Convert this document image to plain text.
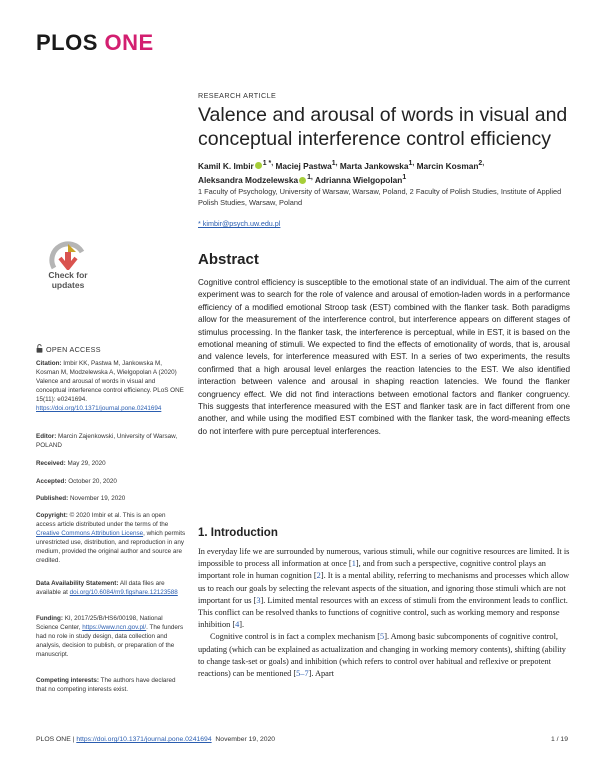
PLOS ONE
RESEARCH ARTICLE
Valence and arousal of words in visual and conceptual interference control efficiency
Kamil K. Imbir $^{1 *,}$ Maciej Pastwa$^{1,}$ Marta Jankowska$^{1,}$ Marcin Kosman$^{2,}$
Aleksandra Modzelewska $^{1,}$ Adrianna Wielgopolan$^1$
1 Faculty of Psychology, University of Warsaw, Warsaw, Poland, 2 Faculty of Polish Studies, Institute of Applied Polish Studies, Warsaw, Poland
* kimbir@psych.uw.edu.pl
Check for
updates
Abstract

Cognitive control efficiency is susceptible to the emotional state of an individual. The aim of the current experiment was to search for the role of valence and arousal of emotion-laden words in a performance efficiency of a modified emotional Stroop task (EST) combined with the flanker task. Both paradigms allow for the measurement of the interference control, but interference appears on different stages of stimulus processing. In the flanker task, the interference is perceptual, while in EST, it is based on the emotional meaning of stimuli. We expected to find the effects of emotionality of words, that is, arousal and valence levels, for interference measured with EST. In a series of two experiments, the results confirmed that a high arousal level enlarges the reaction latencies to the EST. We also identified interaction between valence and arousal in shaping reaction latencies. We found the flanker congruency effect. We did not find interactions between emotional factors and flanker congruency. This suggests that interference measured with the EST and flanker task are in fact different from one another, and while using the modified EST combined with the flanker task, the word-meaning effects do not interfere with pure perceptual interferences.

OPEN ACCESS
Citation: Imbir KK, Pastwa M, Jankowska M, Kosman M, Modzelewska A, Wielgopolan A (2020) Valence and arousal of words in visual and conceptual interference control efficiency. PLoS ONE 15(11): e0241694. https://doi.org/10.1371/journal.pone.0241694
Editor: Marcin Zajenkowski, University of Warsaw, POLAND
Received: May 29, 2020
Accepted: October 20, 2020
Published: November 19, 2020
Copyright: © 2020 Imbir et al. This is an open access article distributed under the terms of the Creative Commons Attribution License, which permits unrestricted use, distribution, and reproduction in any medium, provided the original author and source are credited.
Data Availability Statement: All data files are available at doi.org/10.6084/m9.figshare.12123588
Funding: KI, 2017/25/B/HS6/00198, National Science Center, https://www.ncn.gov.pl/. The funders had no role in study design, data collection and analysis, decision to publish, or preparation of the manuscript.
Competing interests: The authors have declared that no competing interests exist.
1. Introduction

In everyday life we are surrounded by numerous, various stimuli, while our cognitive resources are limited. It is impossible to process all information at once [1], and from such a perspective, cognitive control plays an important role in human cognition [2]. It is a mental ability, referring to mechanisms and processes which allow us to reach our goals by selecting the relevant aspects of the situation, and ignoring those stimuli which are not important for us [3]. Limited mental resources with an excess of stimuli from the environment leads to conflict. This conflict can be resolved thanks to functions of cognitive control, such as working memory and response inhibition [4].

Cognitive control is in fact a complex mechanism [5]. Among basic subcomponents of cognitive control, updating (which can be explained as actualization and changing in working memory contents), shifting (ability to change task-set or goals) and inhibition (which refers to control over habitual and reflexive or prepotent reactions) can be mentioned [5–7]. Apart

PLOS ONE | https://doi.org/10.1371/journal.pone.0241694 November 19, 2020	1 / 19
